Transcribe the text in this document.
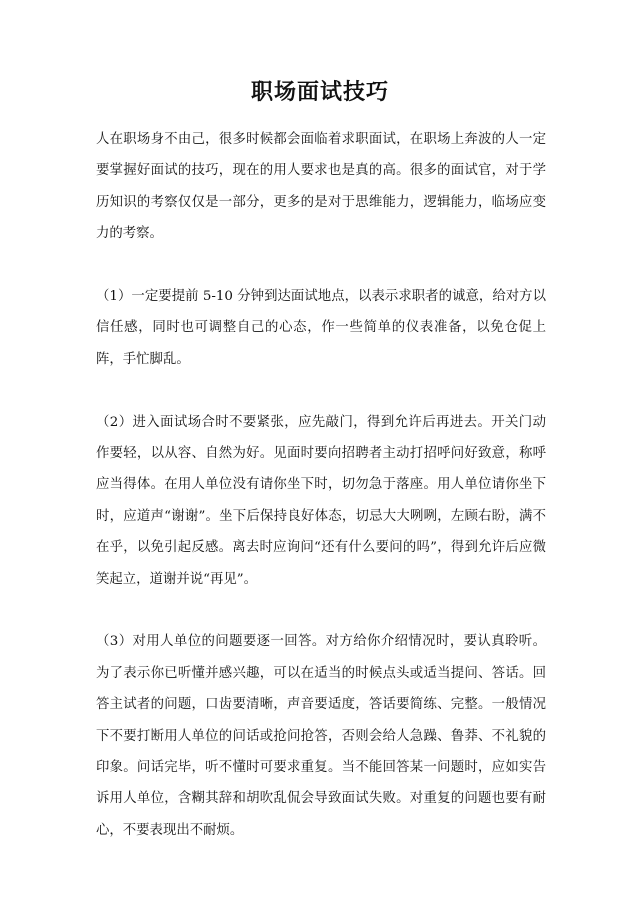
职场面试技巧

人在职场身不由己，很多时候都会面临着求职面试，在职场上奔波的人一定要掌握好面试的技巧，现在的用人要求也是真的高。很多的面试官，对于学历知识的考察仅仅是一部分，更多的是对于思维能力，逻辑能力，临场应变力的考察。

（1）一定要提前 5-10 分钟到达面试地点，以表示求职者的诚意，给对方以信任感，同时也可调整自己的心态，作一些简单的仪表准备，以免仓促上阵，手忙脚乱。

（2）进入面试场合时不要紧张，应先敲门，得到允许后再进去。开关门动作要轻，以从容、自然为好。见面时要向招聘者主动打招呼问好致意，称呼应当得体。在用人单位没有请你坐下时，切勿急于落座。用人单位请你坐下时，应道声“谢谢”。坐下后保持良好体态，切忌大大咧咧，左顾右盼，满不在乎，以免引起反感。离去时应询问“还有什么要问的吗”，得到允许后应微笑起立，道谢并说“再见”。

（3）对用人单位的问题要逐一回答。对方给你介绍情况时，要认真聆听。为了表示你已听懂并感兴趣，可以在适当的时候点头或适当提问、答话。回答主试者的问题，口齿要清晰，声音要适度，答话要简练、完整。一般情况下不要打断用人单位的问话或抢问抢答，否则会给人急躁、鲁莽、不礼貌的印象。问话完毕，听不懂时可要求重复。当不能回答某一问题时，应如实告诉用人单位，含糊其辞和胡吹乱侃会导致面试失败。对重复的问题也要有耐心，不要表现出不耐烦。
